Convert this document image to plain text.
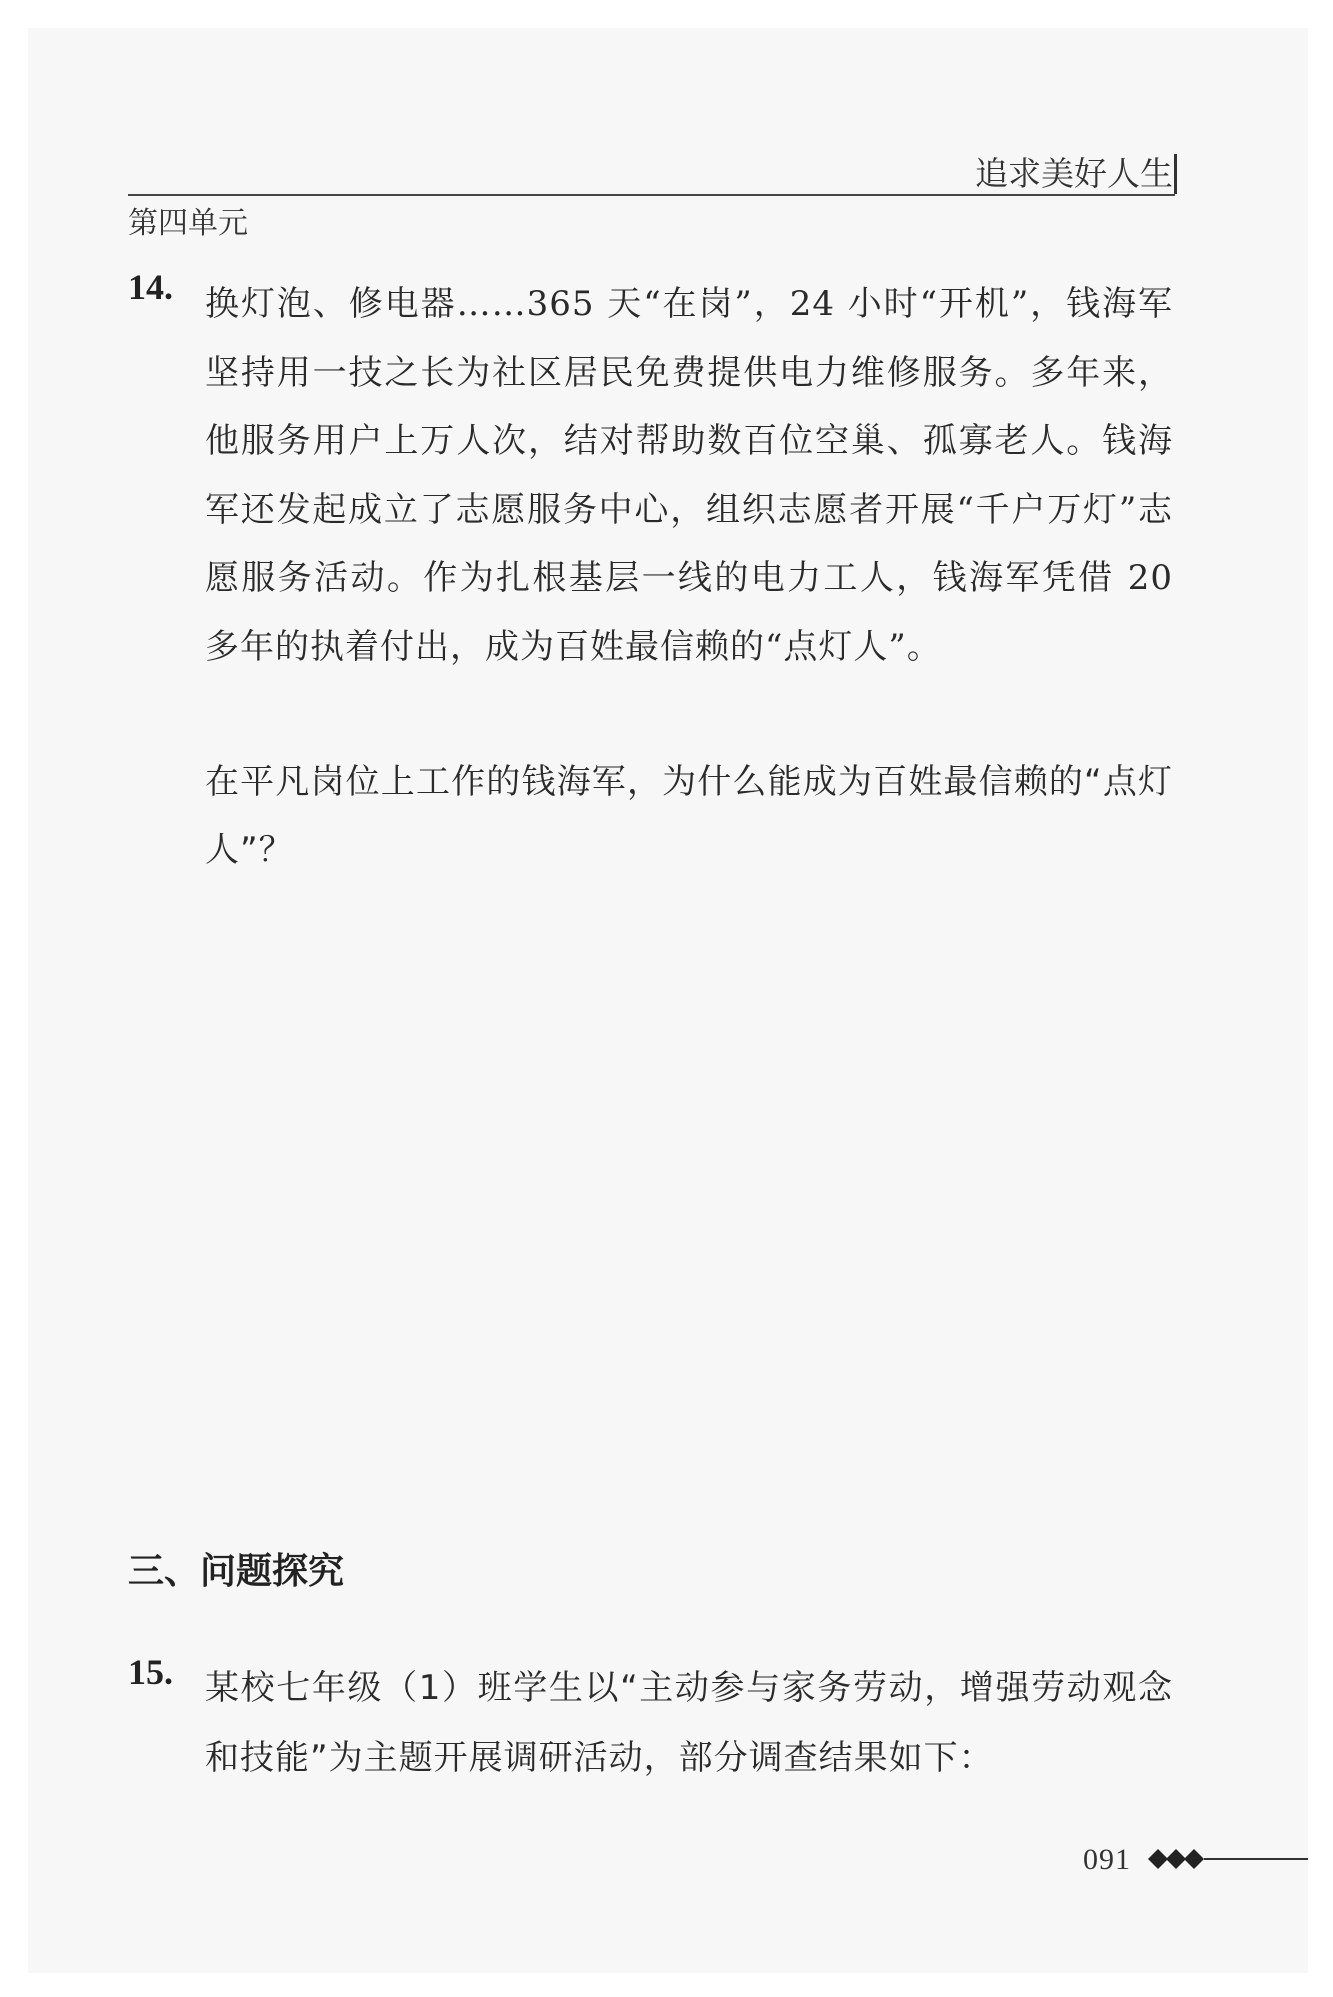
追求美好人生
第四单元
14. 换灯泡、修电器……365 天“在岗”，24 小时“开机”，钱海军坚持用一技之长为社区居民免费提供电力维修服务。多年来，他服务用户上万人次，结对帮助数百位空巢、孤寡老人。钱海军还发起成立了志愿服务中心，组织志愿者开展“千户万灯”志愿服务活动。作为扎根基层一线的电力工人，钱海军凭借 20 多年的执着付出，成为百姓最信赖的“点灯人”。

在平凡岗位上工作的钱海军，为什么能成为百姓最信赖的“点灯人”？

三、问题探究
15. 某校七年级（1）班学生以“主动参与家务劳动，增强劳动观念和技能”为主题开展调研活动，部分调查结果如下：

091
